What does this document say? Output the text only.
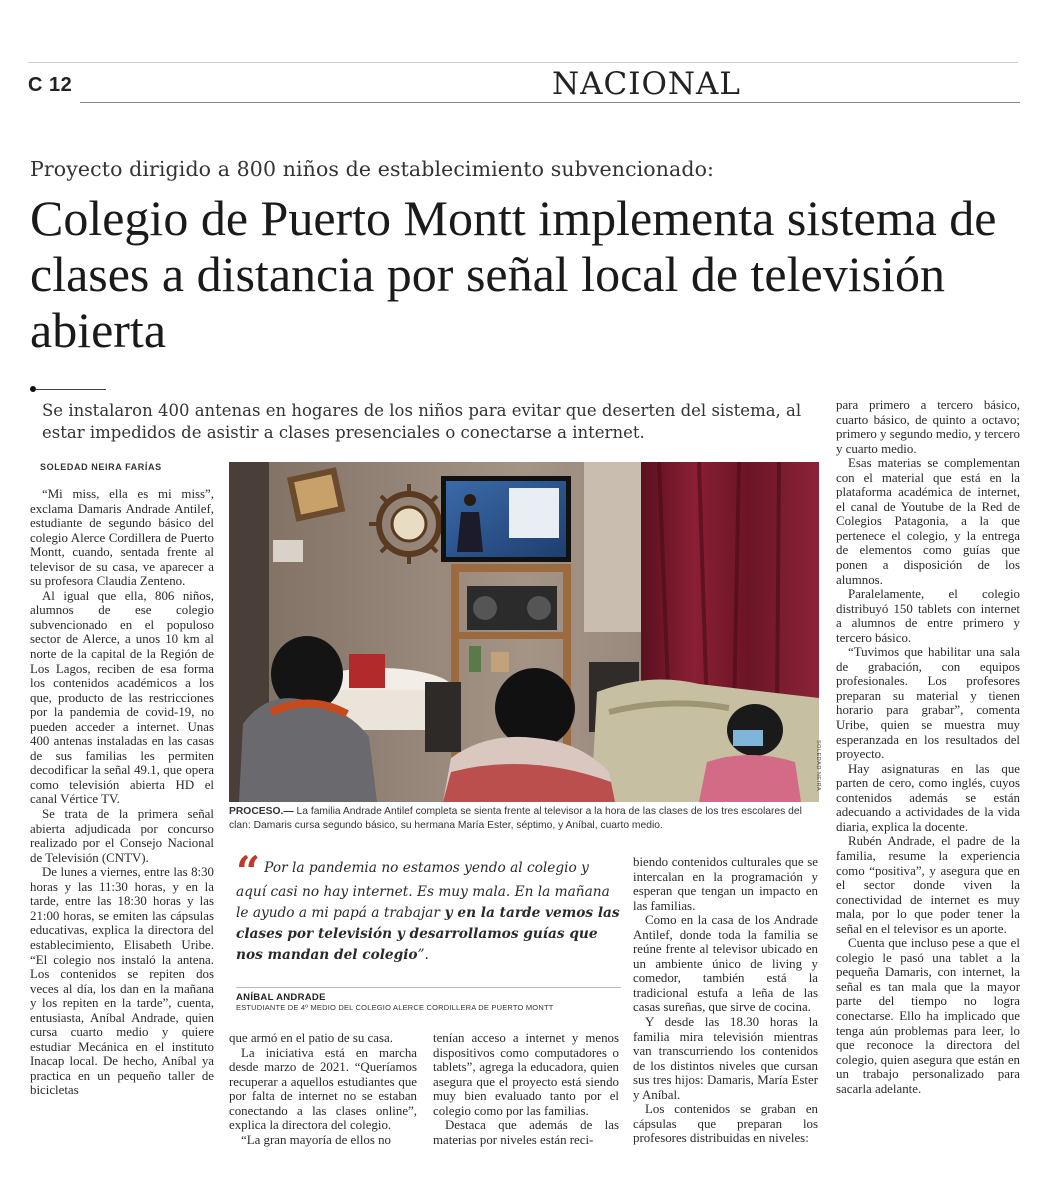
C 12	NACIONAL
Proyecto dirigido a 800 niños de establecimiento subvencionado:
Colegio de Puerto Montt implementa sistema de clases a distancia por señal local de televisión abierta

Se instalaron 400 antenas en hogares de los niños para evitar que deserten del sistema, al estar impedidos de asistir a clases presenciales o conectarse a internet.

SOLEDAD NEIRA FARÍAS

“Mi miss, ella es mi miss”, exclama Damaris Andrade Antilef, estudiante de segundo básico del colegio Alerce Cordillera de Puerto Montt, cuando, sentada frente al televisor de su casa, ve aparecer a su profesora Claudia Zenteno.

Al igual que ella, 806 niños, alumnos de ese colegio subvencionado en el populoso sector de Alerce, a unos 10 km al norte de la capital de la Región de Los Lagos, reciben de esa forma los contenidos académicos a los que, producto de las restricciones por la pandemia de covid-19, no pueden acceder a internet. Unas 400 antenas instaladas en las casas de sus familias les permiten decodificar la señal 49.1, que opera como televisión abierta HD el canal Vértice TV.

Se trata de la primera señal abierta adjudicada por concurso realizado por el Consejo Nacional de Televisión (CNTV).

De lunes a viernes, entre las 8:30 horas y las 11:30 horas, y en la tarde, entre las 18:30 horas y las 21:00 horas, se emiten las cápsulas educativas, explica la directora del establecimiento, Elisabeth Uribe. “El colegio nos instaló la antena. Los contenidos se repiten dos veces al día, los dan en la mañana y los repiten en la tarde”, cuenta, entusiasta, Aníbal Andrade, quien cursa cuarto medio y quiere estudiar Mecánica en el instituto Inacap local. De hecho, Aníbal ya practica en un pequeño taller de bicicletas

SOLEDAD NEIRA
PROCESO.— La familia Andrade Antilef completa se sienta frente al televisor a la hora de las clases de los tres escolares del clan: Damaris cursa segundo básico, su hermana María Ester, séptimo, y Aníbal, cuarto medio.
“ Por la pandemia no estamos yendo al colegio y aquí casi no hay internet. Es muy mala. En la mañana le ayudo a mi papá a trabajar y en la tarde vemos las clases por televisión y desarrollamos guías que nos mandan del colegio”.
ANÍBAL ANDRADE
ESTUDIANTE DE 4º MEDIO DEL COLEGIO ALERCE CORDILLERA DE PUERTO MONTT

que armó en el patio de su casa.

La iniciativa está en marcha desde marzo de 2021. “Queríamos recuperar a aquellos estudiantes que por falta de internet no se estaban conectando a las clases online”, explica la directora del colegio.

“La gran mayoría de ellos no

tenían acceso a internet y menos dispositivos como computadores o tablets”, agrega la educadora, quien asegura que el proyecto está siendo muy bien evaluado tanto por el colegio como por las familias.

Destaca que además de las materias por niveles están reci-

biendo contenidos culturales que se intercalan en la programación y esperan que tengan un impacto en las familias.

Como en la casa de los Andrade Antilef, donde toda la familia se reúne frente al televisor ubicado en un ambiente único de living y comedor, también está la tradicional estufa a leña de las casas sureñas, que sirve de cocina.

Y desde las 18.30 horas la familia mira televisión mientras van transcurriendo los contenidos de los distintos niveles que cursan sus tres hijos: Damaris, María Ester y Aníbal.

Los contenidos se graban en cápsulas que preparan los profesores distribuidas en niveles:

para primero a tercero básico, cuarto básico, de quinto a octavo; primero y segundo medio, y tercero y cuarto medio.

Esas materias se complementan con el material que está en la plataforma académica de internet, el canal de Youtube de la Red de Colegios Patagonia, a la que pertenece el colegio, y la entrega de elementos como guías que ponen a disposición de los alumnos.

Paralelamente, el colegio distribuyó 150 tablets con internet a alumnos de entre primero y tercero básico.

“Tuvimos que habilitar una sala de grabación, con equipos profesionales. Los profesores preparan su material y tienen horario para grabar”, comenta Uribe, quien se muestra muy esperanzada en los resultados del proyecto.

Hay asignaturas en las que parten de cero, como inglés, cuyos contenidos además se están adecuando a actividades de la vida diaria, explica la docente.

Rubén Andrade, el padre de la familia, resume la experiencia como “positiva”, y asegura que en el sector donde viven la conectividad de internet es muy mala, por lo que poder tener la señal en el televisor es un aporte.

Cuenta que incluso pese a que el colegio le pasó una tablet a la pequeña Damaris, con internet, la señal es tan mala que la mayor parte del tiempo no logra conectarse. Ello ha implicado que tenga aún problemas para leer, lo que reconoce la directora del colegio, quien asegura que están en un trabajo personalizado para sacarla adelante.
